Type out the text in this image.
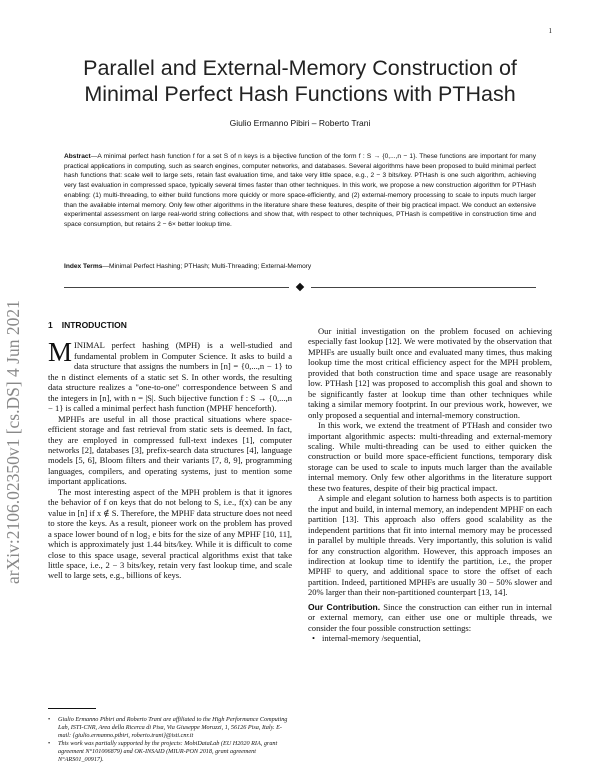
1
arXiv:2106.02350v1 [cs.DS] 4 Jun 2021
Parallel and External-Memory Construction of
Minimal Perfect Hash Functions with PTHash
Giulio Ermanno Pibiri – Roberto Trani

Abstract—A minimal perfect hash function f for a set S of n keys is a bijective function of the form f : S → {0,...,n − 1}. These functions are important for many practical applications in computing, such as search engines, computer networks, and databases. Several algorithms have been proposed to build minimal perfect hash functions that: scale well to large sets, retain fast evaluation time, and take very little space, e.g., 2 − 3 bits/key. PTHash is one such algorithm, achieving very fast evaluation in compressed space, typically several times faster than other techniques. In this work, we propose a new construction algorithm for PTHash enabling: (1) multi-threading, to either build functions more quickly or more space-efficiently, and (2) external-memory processing to scale to inputs much larger than the available internal memory. Only few other algorithms in the literature share these features, despite of their big practical impact. We conduct an extensive experimental assessment on large real-world string collections and show that, with respect to other techniques, PTHash is competitive in construction time and space consumption, but retains 2 − 6× better lookup time.

Index Terms—Minimal Perfect Hashing; PTHash; Multi-Threading; External-Memory
1 INTRODUCTION

MINIMAL perfect hashing (MPH) is a well-studied and fundamental problem in Computer Science. It asks to build a data structure that assigns the numbers in [n] = {0,...,n − 1} to the n distinct elements of a static set S. In other words, the resulting data structure realizes a "one-to-one" correspondence between S and the integers in [n], with n = |S|. Such bijective function f : S → {0,...,n − 1} is called a minimal perfect hash function (MPHF henceforth).

MPHFs are useful in all those practical situations where space-efficient storage and fast retrieval from static sets is deemed. In fact, they are employed in compressed full-text indexes [1], computer networks [2], databases [3], prefix-search data structures [4], language models [5, 6], Bloom filters and their variants [7, 8, 9], programming languages, compilers, and operating systems, just to mention some important applications.

The most interesting aspect of the MPH problem is that it ignores the behavior of f on keys that do not belong to S, i.e., f(x) can be any value in [n] if x ∉ S. Therefore, the MPHF data structure does not need to store the keys. As a result, pioneer work on the problem has proved a space lower bound of n log₂ e bits for the size of any MPHF [10, 11], which is approximately just 1.44 bits/key. While it is difficult to come close to this space usage, several practical algorithms exist that take little space, i.e., 2 − 3 bits/key, retain very fast lookup time, and scale well to large sets, e.g., billions of keys.

• Giulio Ermanno Pibiri and Roberto Trani are affiliated to the High Performance Computing Lab, ISTI-CNR, Area della Ricerca di Pisa, Via Giuseppe Moruzzi, 1, 56126 Pisa, Italy. E-mail: {giulio.ermanno.pibiri, roberto.trani}@isti.cnr.it
• This work was partially supported by the projects: MobiDataLab (EU H2020 RIA, grant agreement N°101006879) and OK-INSAID (MIUR-PON 2018, grant agreement N°ARS01_00917).

Our initial investigation on the problem focused on achieving especially fast lookup [12]. We were motivated by the observation that MPHFs are usually built once and evaluated many times, thus making lookup time the most critical efficiency aspect for the MPH problem, provided that both construction time and space usage are reasonably low. PTHash [12] was proposed to accomplish this goal and shown to be significantly faster at lookup time than other techniques while taking a similar memory footprint. In our previous work, however, we only proposed a sequential and internal-memory construction.

In this work, we extend the treatment of PTHash and consider two important algorithmic aspects: multi-threading and external-memory scaling. While multi-threading can be used to either quicken the construction or build more space-efficient functions, temporary disk storage can be used to scale to inputs much larger than the available internal memory. Only few other algorithms in the literature support these two features, despite of their big practical impact.

A simple and elegant solution to harness both aspects is to partition the input and build, in internal memory, an independent MPHF on each partition [13]. This approach also offers good scalability as the independent partitions that fit into internal memory may be processed in parallel by multiple threads. Very importantly, this solution is valid for any construction algorithm. However, this approach imposes an indirection at lookup time to identify the partition, i.e., the proper MPHF to query, and additional space to store the offset of each partition. Indeed, partitioned MPHFs are usually 30 − 50% slower and 20% larger than their non-partitioned counterpart [13, 14].

Our Contribution. Since the construction can either run in internal or external memory, can either use one or multiple threads, we consider the four possible construction settings:

• internal-memory /sequential,
